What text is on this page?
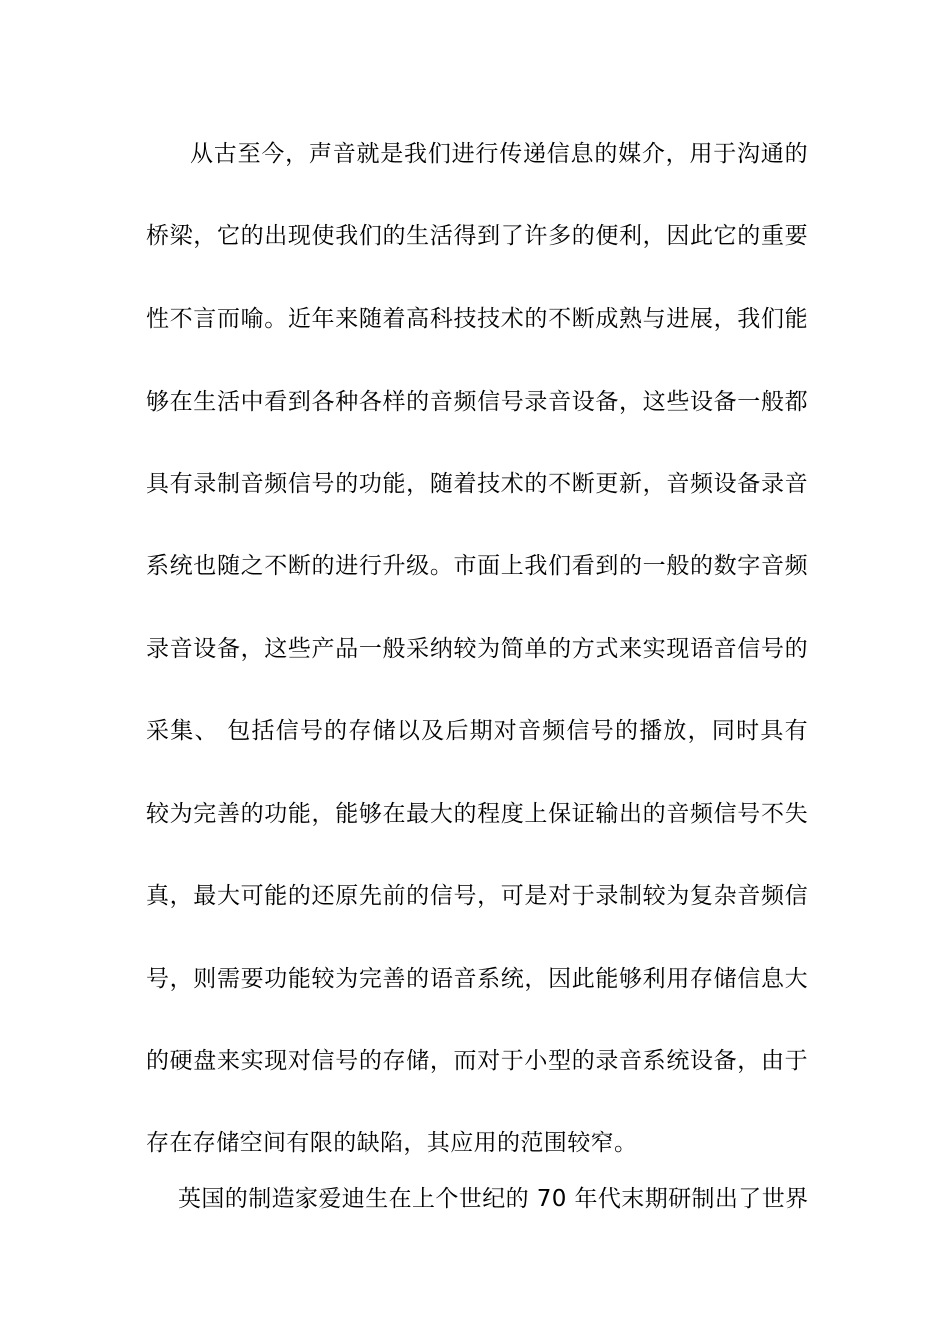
从古至今，声音就是我们进行传递信息的媒介，用于沟通的
桥梁，它的出现使我们的生活得到了许多的便利，因此它的重要
性不言而喻。近年来随着高科技技术的不断成熟与进展，我们能
够在生活中看到各种各样的音频信号录音设备，这些设备一般都
具有录制音频信号的功能，随着技术的不断更新，音频设备录音
系统也随之不断的进行升级。市面上我们看到的一般的数字音频
录音设备，这些产品一般采纳较为简单的方式来实现语音信号的
采集、 包括信号的存储以及后期对音频信号的播放，同时具有
较为完善的功能，能够在最大的程度上保证输出的音频信号不失
真，最大可能的还原先前的信号，可是对于录制较为复杂音频信
号，则需要功能较为完善的语音系统，因此能够利用存储信息大
的硬盘来实现对信号的存储，而对于小型的录音系统设备，由于
存在存储空间有限的缺陷，其应用的范围较窄。
英国的制造家爱迪生在上个世纪的 70 年代末期研制出了世界
